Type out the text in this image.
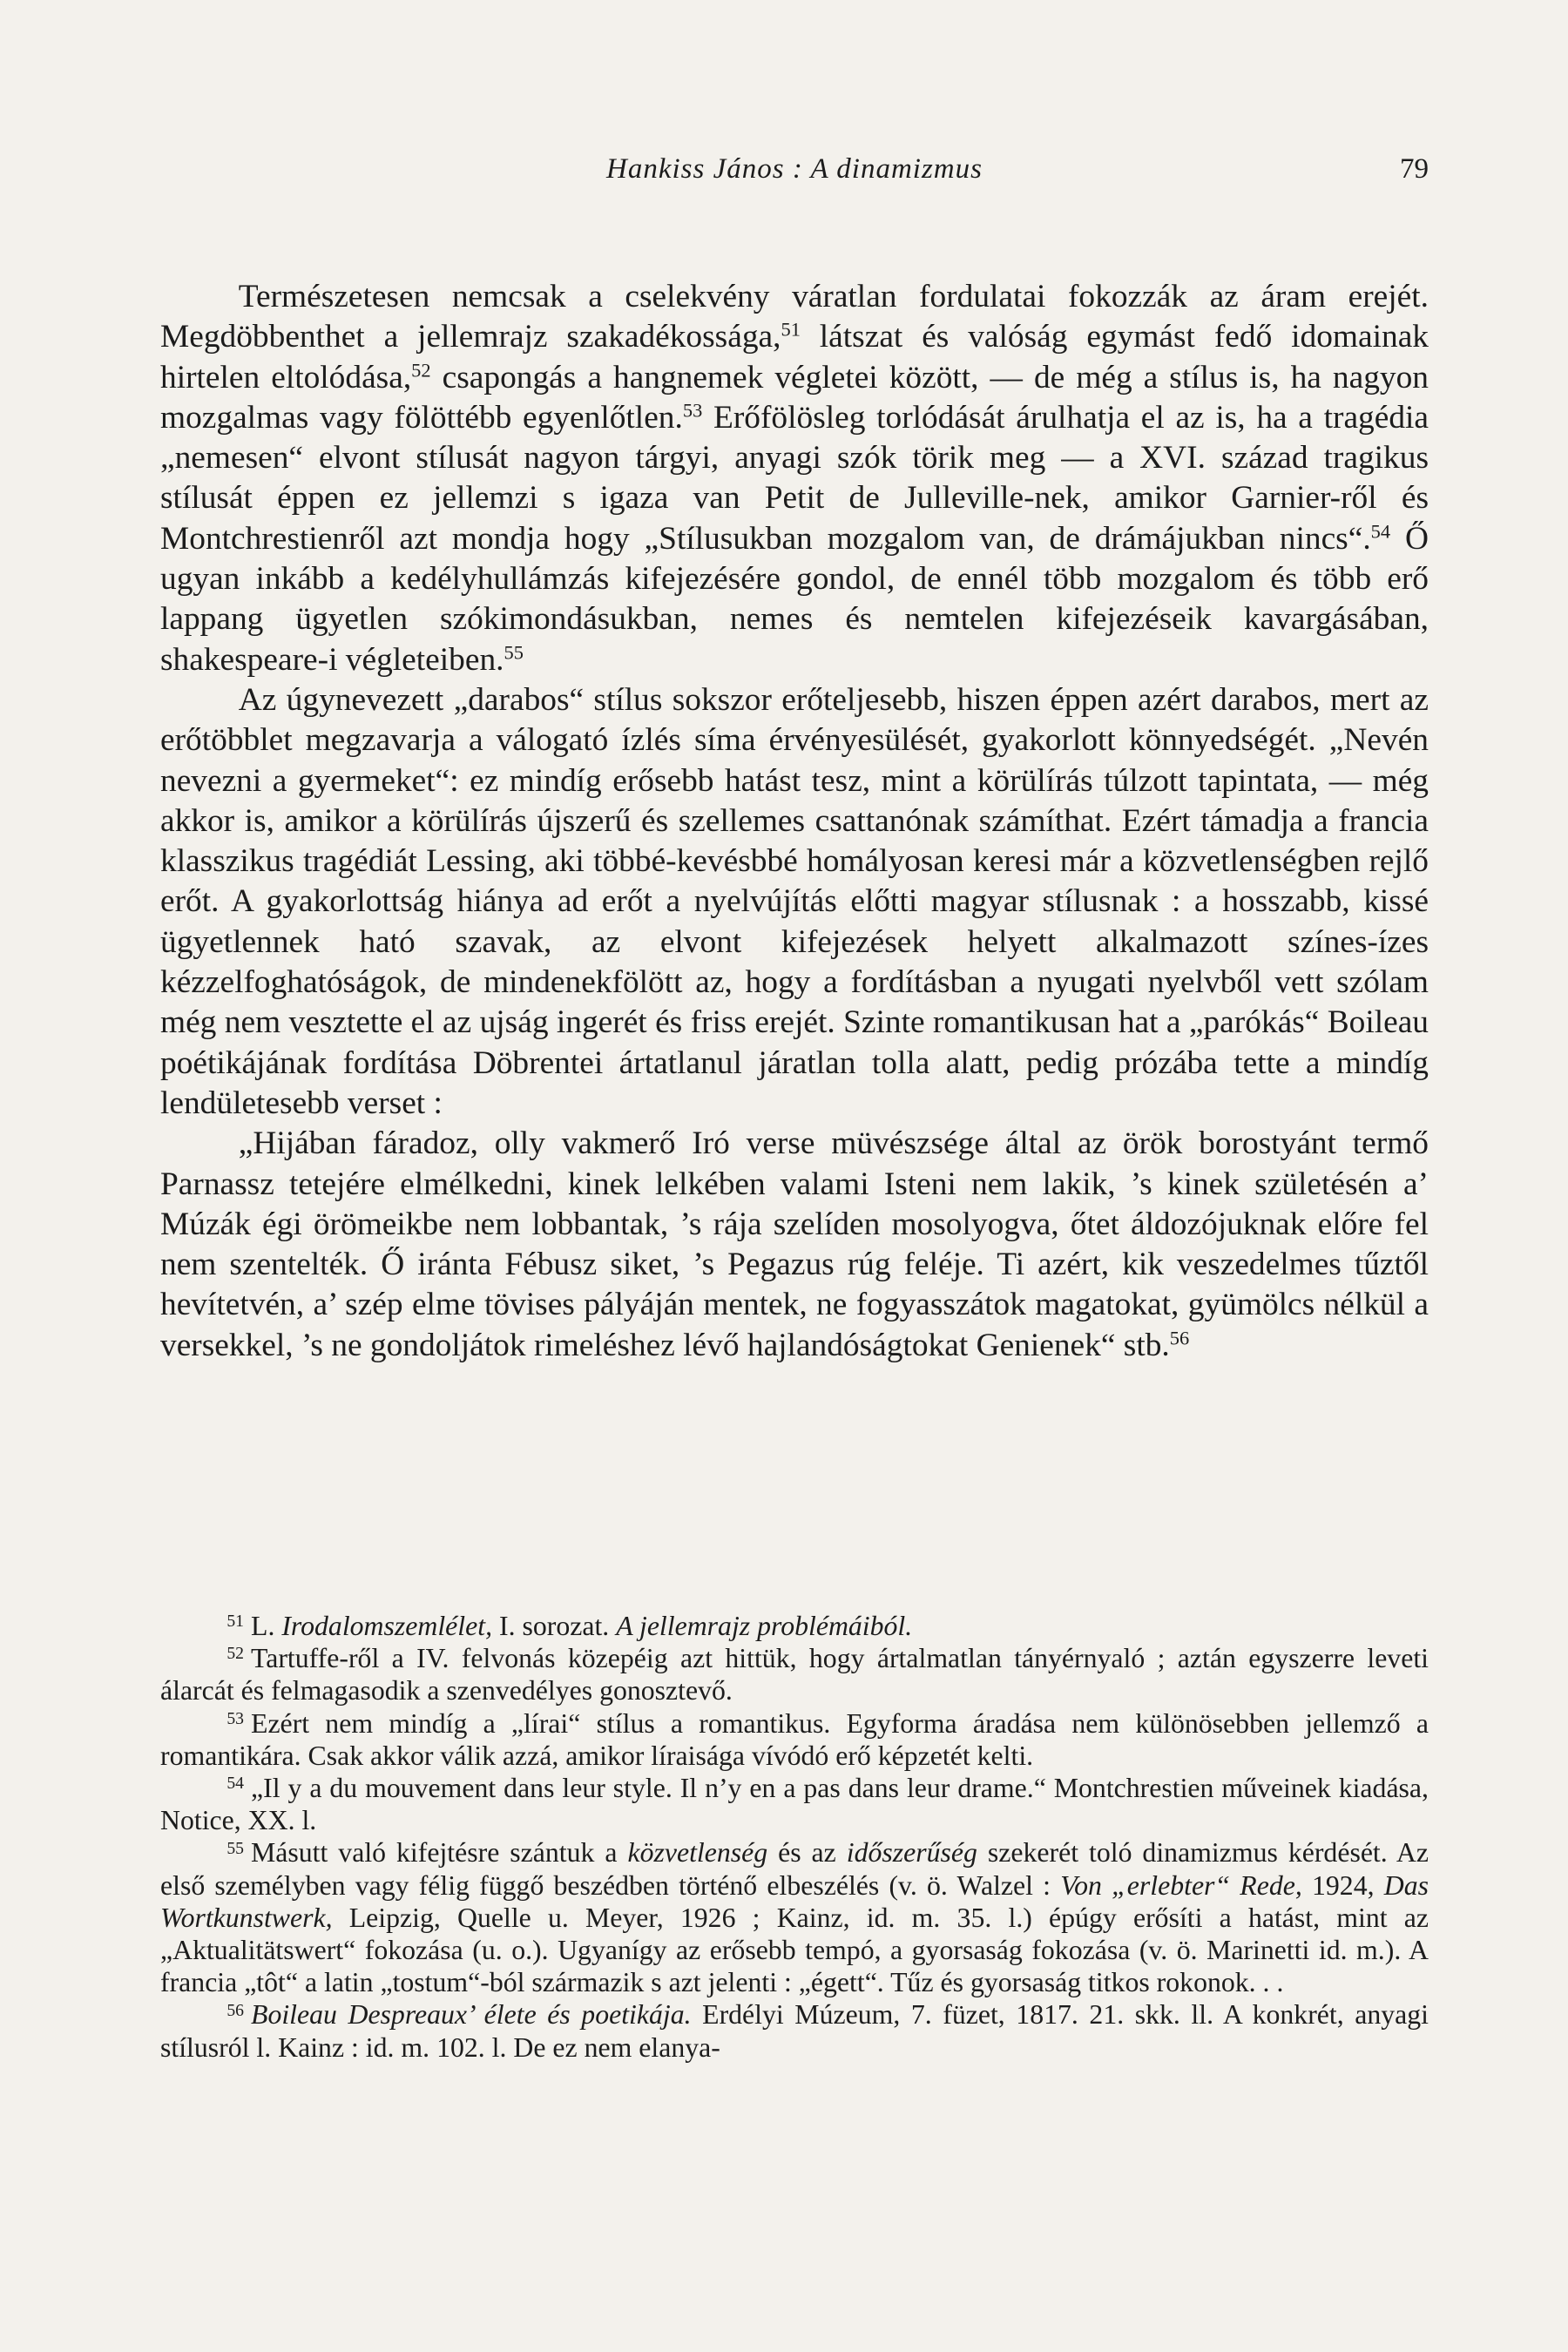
Hankiss János : A dinamizmus	79

Természetesen nemcsak a cselekvény váratlan fordulatai fokozzák az áram erejét. Megdöbbenthet a jellemrajz szakadékossága,$^{51}$ látszat és valóság egymást fedő idomainak hirtelen eltolódása,$^{52}$ csapongás a hangnemek végletei között, — de még a stílus is, ha nagyon mozgalmas vagy fölöttébb egyenlőtlen.$^{53}$ Erőfölösleg torlódását árulhatja el az is, ha a tragédia „nemesen“ elvont stílusát nagyon tárgyi, anyagi szók törik meg — a XVI. század tragikus stílusát éppen ez jellemzi s igaza van Petit de Julleville-nek, amikor Garnier-ről és Montchrestienről azt mondja hogy „Stílusukban mozgalom van, de drámájukban nincs“.$^{54}$ Ő ugyan inkább a kedélyhullámzás kifejezésére gondol, de ennél több mozgalom és több erő lappang ügyetlen szókimondásukban, nemes és nemtelen kifejezéseik kavargásában, shakespeare-i végleteiben.$^{55}$

Az úgynevezett „darabos“ stílus sokszor erőteljesebb, hiszen éppen azért darabos, mert az erőtöbblet megzavarja a válogató ízlés síma érvényesülését, gyakorlott könnyedségét. „Nevén nevezni a gyermeket“: ez mindíg erősebb hatást tesz, mint a körülírás túlzott tapintata, — még akkor is, amikor a körülírás újszerű és szellemes csattanónak számíthat. Ezért támadja a francia klasszikus tragédiát Lessing, aki többé-kevésbbé homályosan keresi már a közvetlenségben rejlő erőt. A gyakorlottság hiánya ad erőt a nyelvújítás előtti magyar stílusnak : a hosszabb, kissé ügyetlennek ható szavak, az elvont kifejezések helyett alkalmazott színes-ízes kézzelfoghatóságok, de mindenekfölött az, hogy a fordításban a nyugati nyelvből vett szólam még nem vesztette el az ujság ingerét és friss erejét. Szinte romantikusan hat a „parókás“ Boileau poétikájának fordítása Döbrentei ártatlanul járatlan tolla alatt, pedig prózába tette a mindíg lendületesebb verset :

„Hijában fáradoz, olly vakmerő Iró verse müvészsége által az örök borostyánt termő Parnassz tetejére elmélkedni, kinek lelkében valami Isteni nem lakik, ’s kinek születésén a’ Múzák égi örömeikbe nem lobbantak, ’s rája szelíden mosolyogva, őtet áldozójuknak előre fel nem szentelték. Ő iránta Fébusz siket, ’s Pegazus rúg feléje. Ti azért, kik veszedelmes tűztől hevítetvén, a’ szép elme tövises pályáján mentek, ne fogyasszátok magatokat, gyümölcs nélkül a versekkel, ’s ne gondoljátok rimeléshez lévő hajlandóságtokat Genienek“ stb.$^{56}$

$^{51}$ L. Irodalomszemlélet, I. sorozat. A jellemrajz problémáiból.

$^{52}$ Tartuffe-ről a IV. felvonás közepéig azt hittük, hogy ártalmatlan tányérnyaló ; aztán egyszerre leveti álarcát és felmagasodik a szenvedélyes gonosztevő.

$^{53}$ Ezért nem mindíg a „lírai“ stílus a romantikus. Egyforma áradása nem különösebben jellemző a romantikára. Csak akkor válik azzá, amikor líraisága vívódó erő képzetét kelti.

$^{54}$ „Il y a du mouvement dans leur style. Il n’y en a pas dans leur drame.“ Montchrestien műveinek kiadása, Notice, XX. l.

$^{55}$ Másutt való kifejtésre szántuk a közvetlenség és az időszerűség szekerét toló dinamizmus kérdését. Az első személyben vagy félig függő beszédben történő elbeszélés (v. ö. Walzel : Von „erlebter“ Rede, 1924, Das Wortkunstwerk, Leipzig, Quelle u. Meyer, 1926 ; Kainz, id. m. 35. l.) épúgy erősíti a hatást, mint az „Aktualitätswert“ fokozása (u. o.). Ugyanígy az erősebb tempó, a gyorsaság fokozása (v. ö. Marinetti id. m.). A francia „tôt“ a latin „tostum“-ból származik s azt jelenti : „égett“. Tűz és gyorsaság titkos rokonok. . .

$^{56}$ Boileau Despreaux’ élete és poetikája. Erdélyi Múzeum, 7. füzet, 1817. 21. skk. ll. A konkrét, anyagi stílusról l. Kainz : id. m. 102. l. De ez nem elanya-
